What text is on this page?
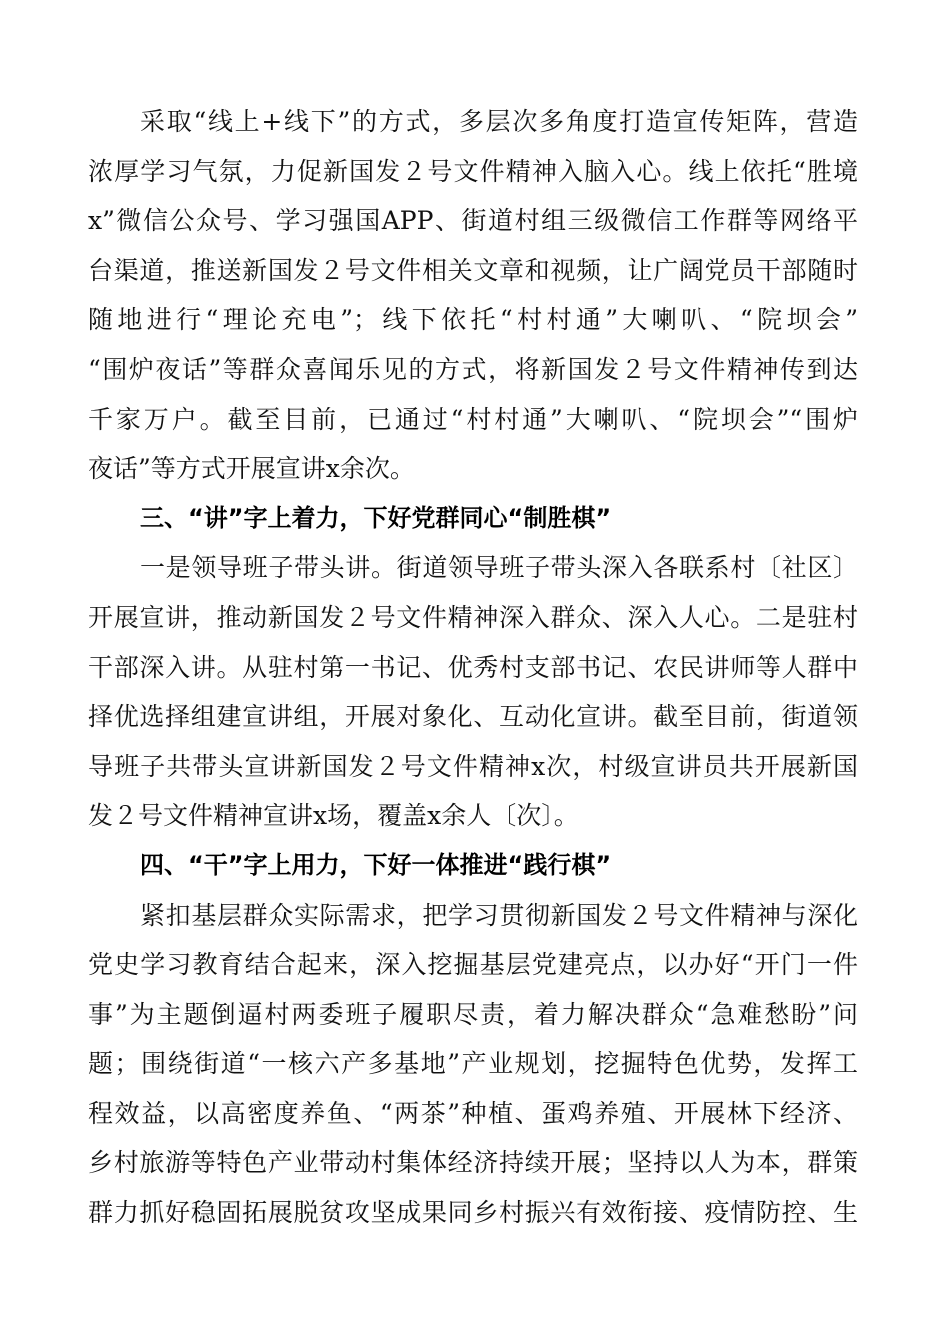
采取“线上+线下”的方式，多层次多角度打造宣传矩阵，营造
浓厚学习气氛，力促新国发２号文件精神入脑入心。线上依托“胜境
x”微信公众号、学习强国APP、街道村组三级微信工作群等网络平
台渠道，推送新国发２号文件相关文章和视频，让广阔党员干部随时
随地进行“理论充电”；线下依托“村村通”大喇叭、“院坝会”
“围炉夜话”等群众喜闻乐见的方式，将新国发２号文件精神传到达
千家万户。截至目前，已通过“村村通”大喇叭、“院坝会”“围炉
夜话”等方式开展宣讲x余次。
三、“讲”字上着力，下好党群同心“制胜棋”
一是领导班子带头讲。街道领导班子带头深入各联系村〔社区〕
开展宣讲，推动新国发２号文件精神深入群众、深入人心。二是驻村
干部深入讲。从驻村第一书记、优秀村支部书记、农民讲师等人群中
择优选择组建宣讲组，开展对象化、互动化宣讲。截至目前，街道领
导班子共带头宣讲新国发２号文件精神x次，村级宣讲员共开展新国
发２号文件精神宣讲x场，覆盖x余人〔次〕。
四、“干”字上用力，下好一体推进“践行棋”
紧扣基层群众实际需求，把学习贯彻新国发２号文件精神与深化
党史学习教育结合起来，深入挖掘基层党建亮点，以办好“开门一件
事”为主题倒逼村两委班子履职尽责，着力解决群众“急难愁盼”问
题；围绕街道“一核六产多基地”产业规划，挖掘特色优势，发挥工
程效益，以高密度养鱼、“两茶”种植、蛋鸡养殖、开展林下经济、
乡村旅游等特色产业带动村集体经济持续开展；坚持以人为本，群策
群力抓好稳固拓展脱贫攻坚成果同乡村振兴有效衔接、疫情防控、生
